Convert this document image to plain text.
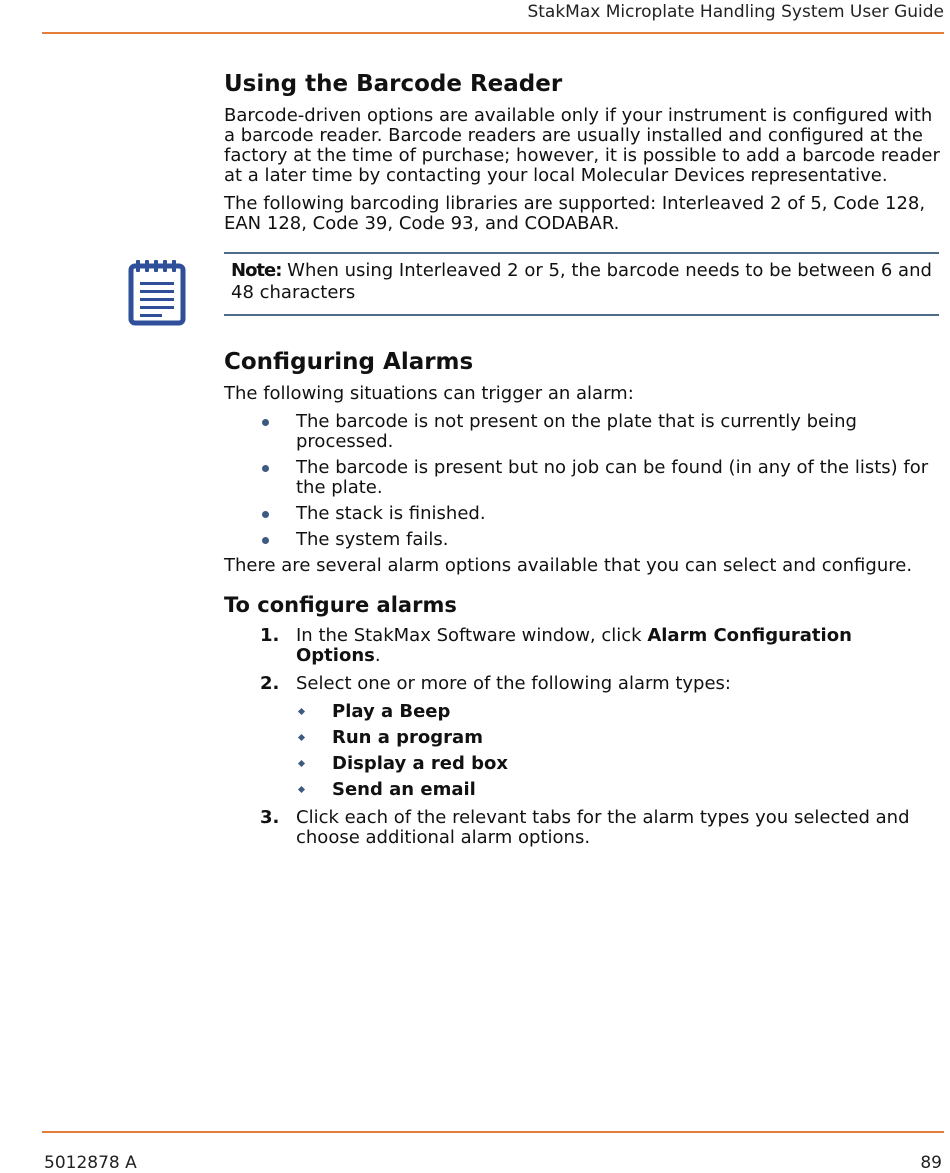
StakMax Microplate Handling System User Guide
Using the Barcode Reader

Barcode-driven options are available only if your instrument is configured with a barcode reader. Barcode readers are usually installed and configured at the factory at the time of purchase; however, it is possible to add a barcode reader at a later time by contacting your local Molecular Devices representative.

The following barcoding libraries are supported: Interleaved 2 of 5, Code 128, EAN 128, Code 39, Code 93, and CODABAR.

Note: When using Interleaved 2 or 5, the barcode needs to be between 6 and 48 characters
Configuring Alarms

The following situations can trigger an alarm:

The barcode is not present on the plate that is currently being processed.
The barcode is present but no job can be found (in any of the lists) for the plate.
The stack is finished.
The system fails.

There are several alarm options available that you can select and configure.

To configure alarms
1. In the StakMax Software window, click Alarm Configuration Options.
2. Select one or more of the following alarm types:
Play a Beep
Run a program
Display a red box
Send an email
3. Click each of the relevant tabs for the alarm types you selected and choose additional alarm options.
5012878 A	89
